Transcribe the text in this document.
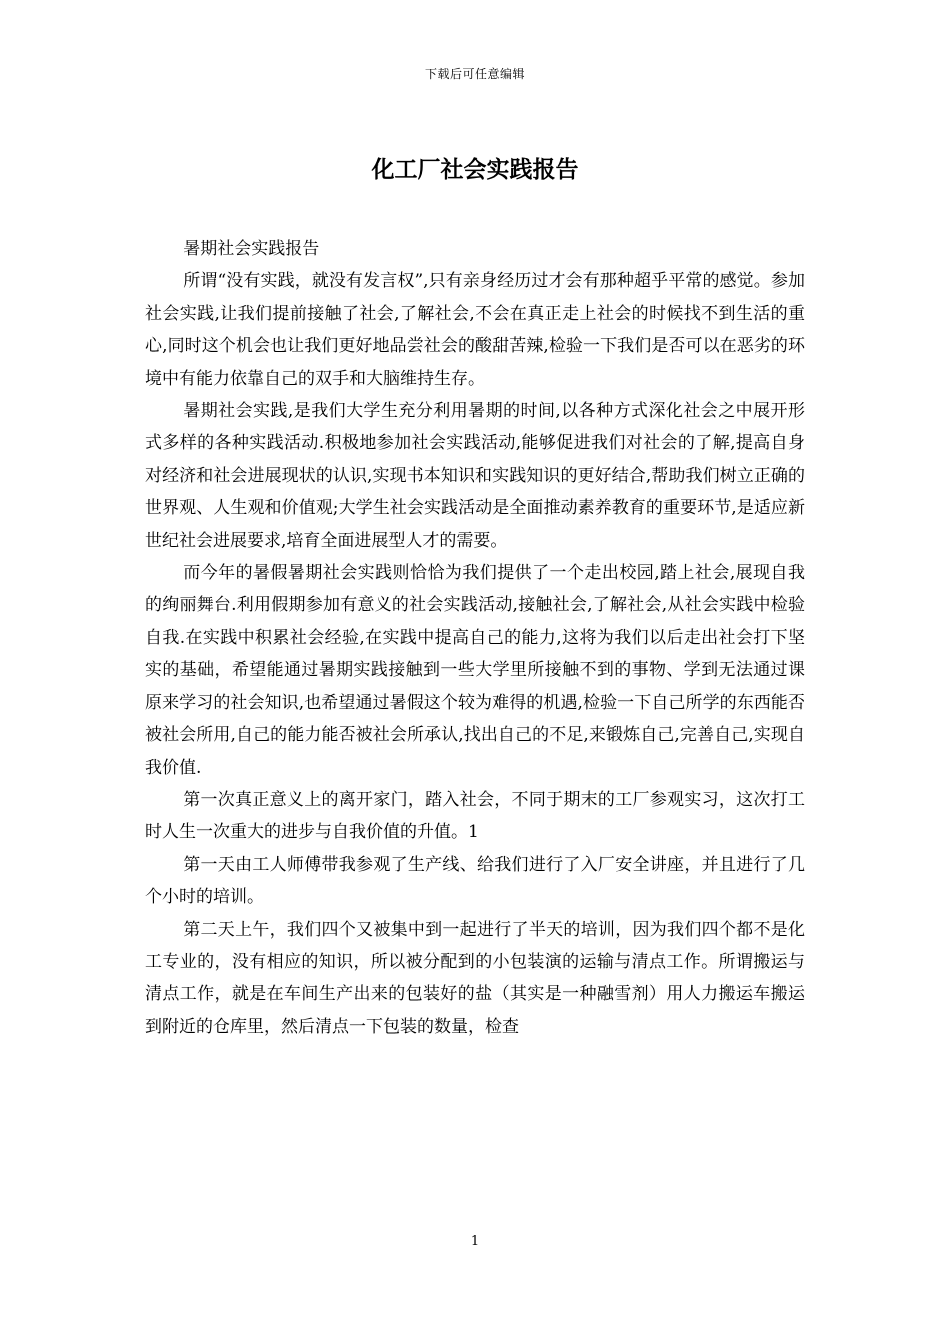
下载后可任意编辑
化工厂社会实践报告

暑期社会实践报告

所谓“没有实践，就没有发言权”,只有亲身经历过才会有那种超乎平常的感觉。参加社会实践,让我们提前接触了社会,了解社会,不会在真正走上社会的时候找不到生活的重心,同时这个机会也让我们更好地品尝社会的酸甜苦辣,检验一下我们是否可以在恶劣的环境中有能力依靠自己的双手和大脑维持生存。

暑期社会实践,是我们大学生充分利用暑期的时间,以各种方式深化社会之中展开形式多样的各种实践活动.积极地参加社会实践活动,能够促进我们对社会的了解,提高自身对经济和社会进展现状的认识,实现书本知识和实践知识的更好结合,帮助我们树立正确的世界观、人生观和价值观;大学生社会实践活动是全面推动素养教育的重要环节,是适应新世纪社会进展要求,培育全面进展型人才的需要。

而今年的暑假暑期社会实践则恰恰为我们提供了一个走出校园,踏上社会,展现自我的绚丽舞台.利用假期参加有意义的社会实践活动,接触社会,了解社会,从社会实践中检验自我.在实践中积累社会经验,在实践中提高自己的能力,这将为我们以后走出社会打下坚实的基础，希望能通过暑期实践接触到一些大学里所接触不到的事物、学到无法通过课原来学习的社会知识,也希望通过暑假这个较为难得的机遇,检验一下自己所学的东西能否被社会所用,自己的能力能否被社会所承认,找出自己的不足,来锻炼自己,完善自己,实现自我价值.

第一次真正意义上的离开家门，踏入社会，不同于期末的工厂参观实习，这次打工时人生一次重大的进步与自我价值的升值。1

第一天由工人师傅带我参观了生产线、给我们进行了入厂安全讲座，并且进行了几个小时的培训。

第二天上午，我们四个又被集中到一起进行了半天的培训，因为我们四个都不是化工专业的，没有相应的知识，所以被分配到的小包装演的运输与清点工作。所谓搬运与清点工作，就是在车间生产出来的包装好的盐（其实是一种融雪剂）用人力搬运车搬运到附近的仓库里，然后清点一下包装的数量，检查

1
